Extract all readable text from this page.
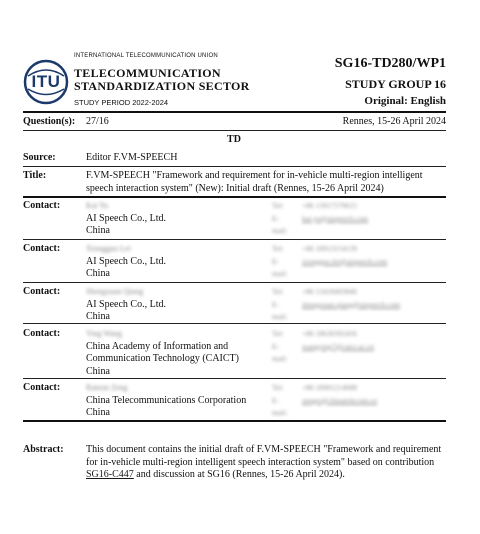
ITU
INTERNATIONAL TELECOMMUNICATION UNION
TELECOMMUNICATION
STANDARDIZATION SECTOR
STUDY PERIOD 2022-2024
SG16-TD280/WP1
STUDY GROUP 16
Original: English
Question(s): 27/16	Rennes, 15-26 April 2024
TD
Source:	Editor F.VM-SPEECH
Title:	F.VM-SPEECH "Framework and requirement for in-vehicle multi-region intelligent speech interaction system" (New): Initial draft (Rennes, 15-26 April 2024)
Contact:	Kai Yu
AI Speech Co., Ltd.
China
Tel:	+86 13917579615
E-mail:
kai.yu@aispeech.com
Contact:	Xiongguo Lei
AI Speech Co., Ltd.
China
Tel:	+86 18913154139
E-mail:
xiongguo.lei@aispeech.com
Contact:	Shengxuan Qiang
AI Speech Co., Ltd.
China
Tel:	+86 13418493840
E-mail:
shengxuan.qiang@aispeech.com
Contact:	Ying Wang
China Academy of Information and
Communication Technology (CAICT)
China
Tel:	+86 18630392456
E-mail:
wangying7@caict.ac.cn
Contact:	Ranran Zeng
China Telecommunications Corporation
China
Tel:	+86 18901214688
E-mail:
zengrr@chinatelecom.cn
Abstract: This document contains the initial draft of F.VM-SPEECH "Framework and requirement for in-vehicle multi-region intelligent speech interaction system" based on contribution SG16-C447 and discussion at SG16 (Rennes, 15-26 April 2024).
